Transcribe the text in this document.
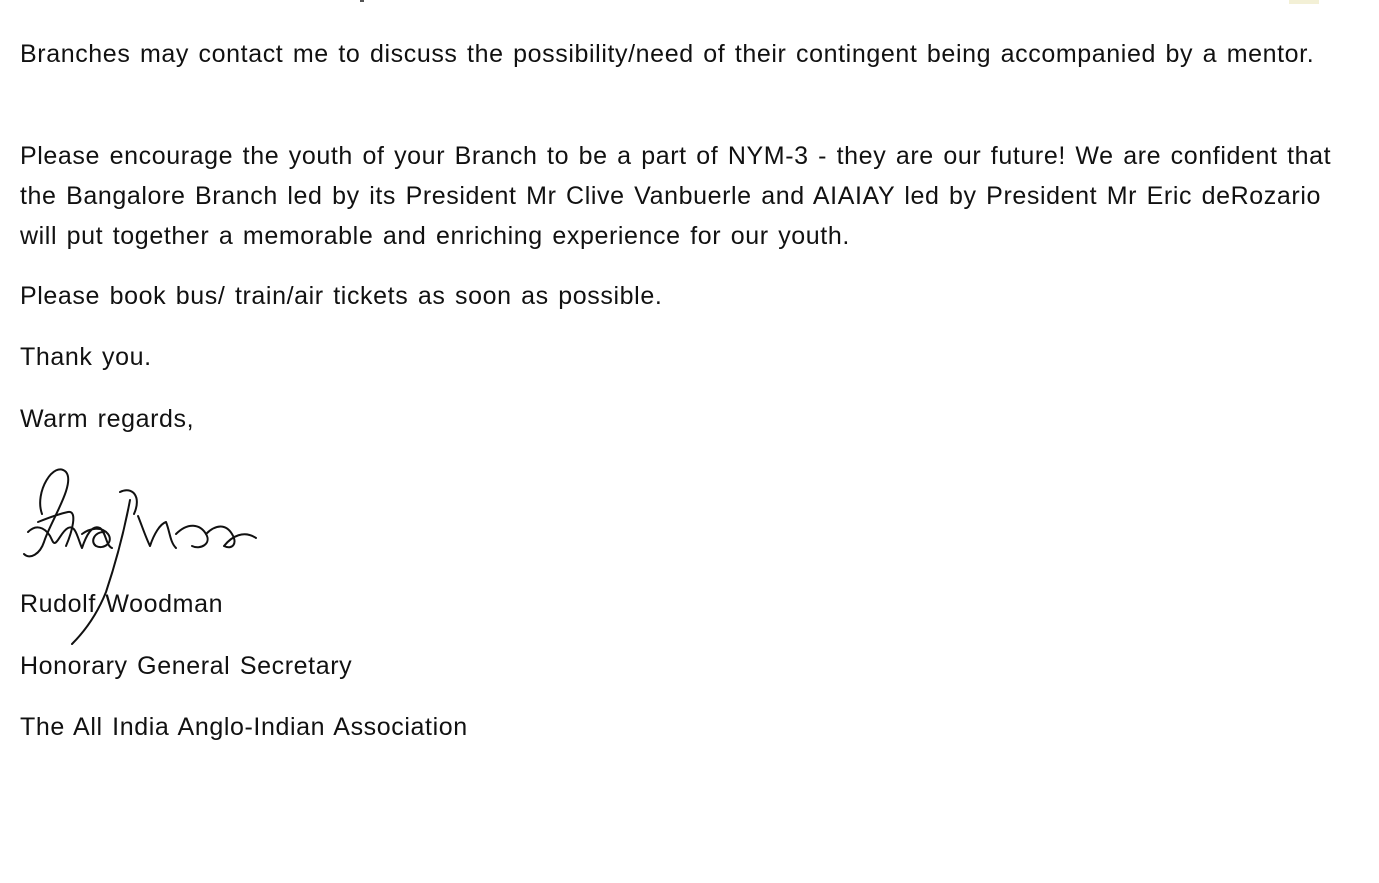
Branches may contact me to discuss the possibility/need of their contingent being accompanied by a mentor.

Please encourage the youth of your Branch to be a part of NYM-3 - they are our future! We are confident that the Bangalore Branch led by its President Mr Clive Vanbuerle and AIAIAY led by President Mr Eric deRozario will put together a memorable and enriching experience for our youth.

Please book bus/ train/air tickets as soon as possible.

Thank you.

Warm regards,

Rudolf Woodman

Honorary General Secretary

The All India Anglo-Indian Association
